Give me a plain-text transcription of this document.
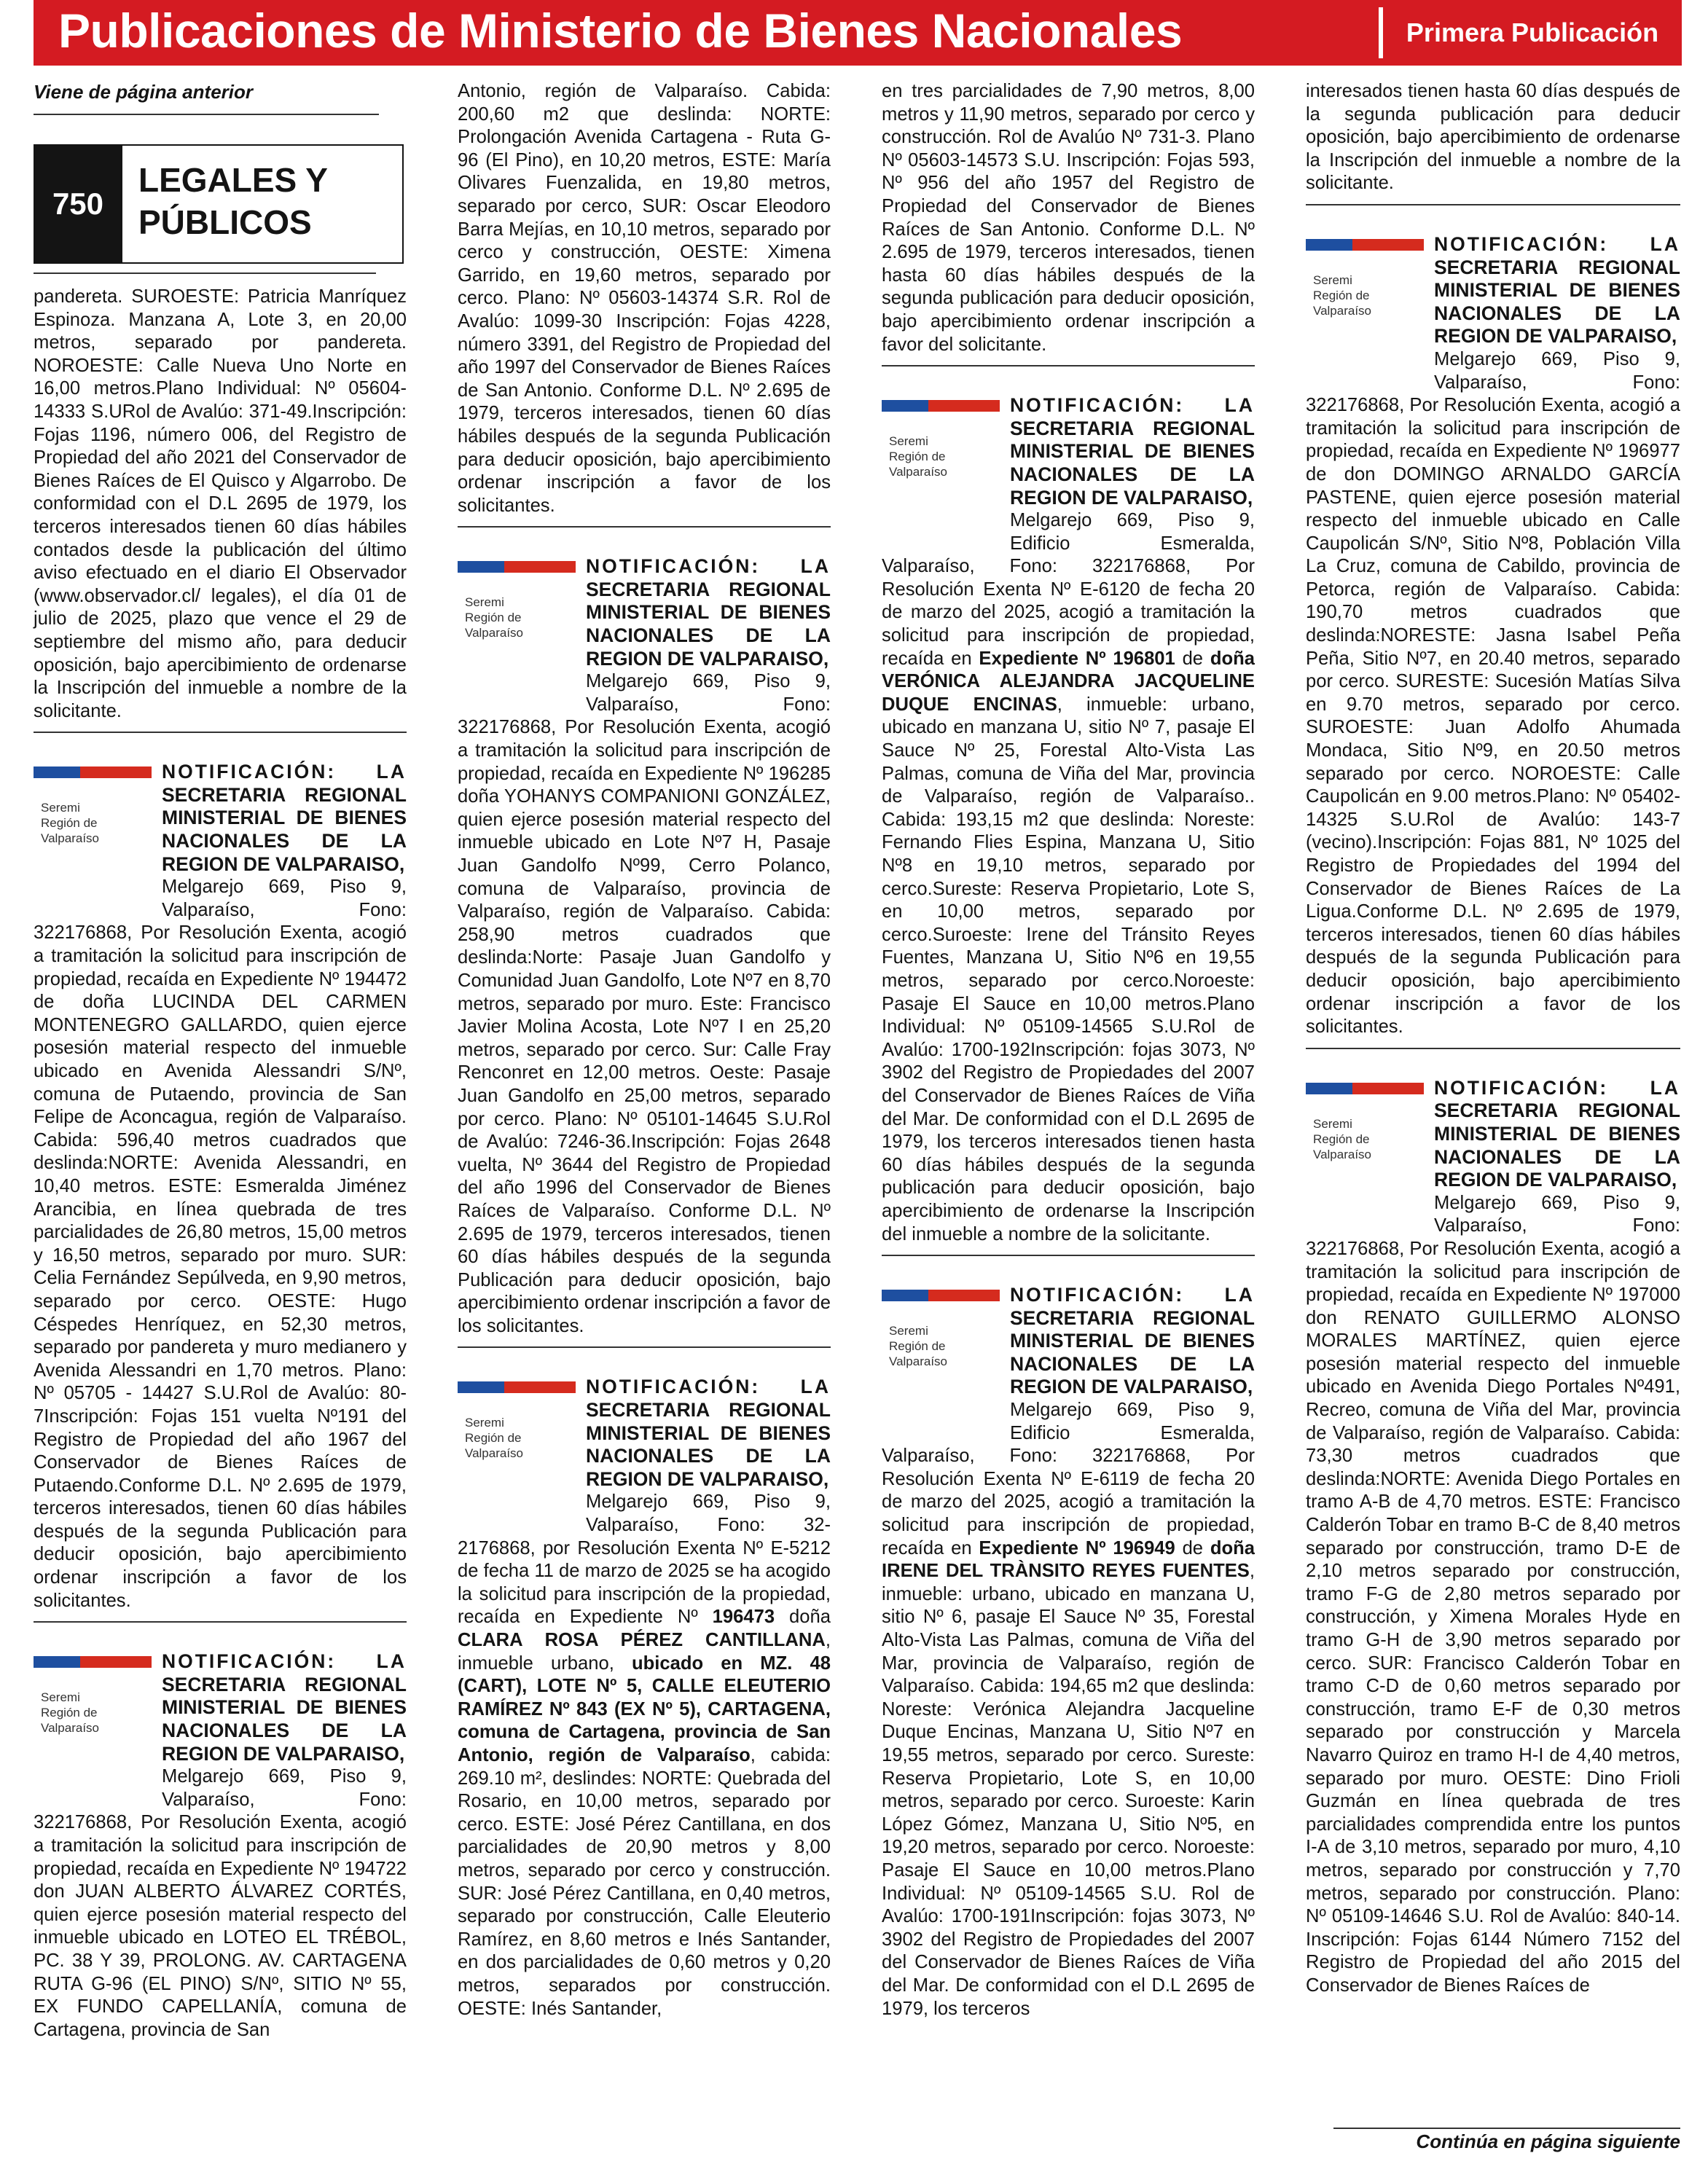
Publicaciones de Ministerio de Bienes Nacionales	Primera Publicación
Viene de página anterior
750
LEGALES Y
PÚBLICOS

pandereta. SUROESTE: Patricia Manríquez Espinoza. Manzana A, Lote 3, en 20,00 metros, separado por pandereta. NOROESTE: Calle Nueva Uno Norte en 16,00 metros.Plano Individual: Nº 05604-14333 S.URol de Avalúo: 371-49.Inscripción: Fojas 1196, número 006, del Registro de Propiedad del año 2021 del Conservador de Bienes Raíces de El Quisco y Algarrobo. De conformidad con el D.L 2695 de 1979, los terceros interesados tienen 60 días hábiles contados desde la publicación del último aviso efectuado en el diario El Observador (www.observador.cl/ legales), el día 01 de julio de 2025, plazo que vence el 29 de septiembre del mismo año, para deducir oposición, bajo apercibimiento de ordenarse la Inscripción del inmueble a nombre de la solicitante.

Seremi
Región de
Valparaíso
NOTIFICACIÓN: LA SECRETARIA REGIONAL MINISTERIAL DE BIENES NACIONALES DE LA REGION DE VALPARAISO,

Melgarejo 669, Piso 9, Valparaíso, Fono: 322176868, Por Resolución Exenta, acogió a tramitación la solicitud para inscripción de propiedad, recaída en Expediente Nº 194472 de doña LUCINDA DEL CARMEN MONTENEGRO GALLARDO, quien ejerce posesión material respecto del inmueble ubicado en Avenida Alessandri S/Nº, comuna de Putaendo, provincia de San Felipe de Aconcagua, región de Valparaíso. Cabida: 596,40 metros cuadrados que deslinda:NORTE: Avenida Alessandri, en 10,40 metros. ESTE: Esmeralda Jiménez Arancibia, en línea quebrada de tres parcialidades de 26,80 metros, 15,00 metros y 16,50 metros, separado por muro. SUR: Celia Fernández Sepúlveda, en 9,90 metros, separado por cerco. OESTE: Hugo Céspedes Henríquez, en 52,30 metros, separado por pandereta y muro medianero y Avenida Alessandri en 1,70 metros. Plano: Nº 05705 - 14427 S.U.Rol de Avalúo: 80-7Inscripción: Fojas 151 vuelta Nº191 del Registro de Propiedad del año 1967 del Conservador de Bienes Raíces de Putaendo.Conforme D.L. Nº 2.695 de 1979, terceros interesados, tienen 60 días hábiles después de la segunda Publicación para deducir oposición, bajo apercibimiento ordenar inscripción a favor de los solicitantes.

Seremi
Región de
Valparaíso
NOTIFICACIÓN: LA SECRETARIA REGIONAL MINISTERIAL DE BIENES NACIONALES DE LA REGION DE VALPARAISO,

Melgarejo 669, Piso 9, Valparaíso, Fono: 322176868, Por Resolución Exenta, acogió a tramitación la solicitud para inscripción de propiedad, recaída en Expediente Nº 194722 don JUAN ALBERTO ÁLVAREZ CORTÉS, quien ejerce posesión material respecto del inmueble ubicado en LOTEO EL TRÉBOL, PC. 38 Y 39, PROLONG. AV. CARTAGENA RUTA G-96 (EL PINO) S/Nº, SITIO Nº 55, EX FUNDO CAPELLANÍA, comuna de Cartagena, provincia de San

Antonio, región de Valparaíso. Cabida: 200,60 m2 que deslinda: NORTE: Prolongación Avenida Cartagena - Ruta G-96 (El Pino), en 10,20 metros, ESTE: María Olivares Fuenzalida, en 19,80 metros, separado por cerco, SUR: Oscar Eleodoro Barra Mejías, en 10,10 metros, separado por cerco y construcción, OESTE: Ximena Garrido, en 19,60 metros, separado por cerco. Plano: Nº 05603-14374 S.R. Rol de Avalúo: 1099-30 Inscripción: Fojas 4228, número 3391, del Registro de Propiedad del año 1997 del Conservador de Bienes Raíces de San Antonio. Conforme D.L. Nº 2.695 de 1979, terceros interesados, tienen 60 días hábiles después de la segunda Publicación para deducir oposición, bajo apercibimiento ordenar inscripción a favor de los solicitantes.

Seremi
Región de
Valparaíso
NOTIFICACIÓN: LA SECRETARIA REGIONAL MINISTERIAL DE BIENES NACIONALES DE LA REGION DE VALPARAISO,

Melgarejo 669, Piso 9, Valparaíso, Fono: 322176868, Por Resolución Exenta, acogió a tramitación la solicitud para inscripción de propiedad, recaída en Expediente Nº 196285 doña YOHANYS COMPANIONI GONZÁLEZ, quien ejerce posesión material respecto del inmueble ubicado en Lote Nº7 H, Pasaje Juan Gandolfo Nº99, Cerro Polanco, comuna de Valparaíso, provincia de Valparaíso, región de Valparaíso. Cabida: 258,90 metros cuadrados que deslinda:Norte: Pasaje Juan Gandolfo y Comunidad Juan Gandolfo, Lote Nº7 en 8,70 metros, separado por muro. Este: Francisco Javier Molina Acosta, Lote Nº7 I en 25,20 metros, separado por cerco. Sur: Calle Fray Renconret en 12,00 metros. Oeste: Pasaje Juan Gandolfo en 25,00 metros, separado por cerco. Plano: Nº 05101-14645 S.U.Rol de Avalúo: 7246-36.Inscripción: Fojas 2648 vuelta, Nº 3644 del Registro de Propiedad del año 1996 del Conservador de Bienes Raíces de Valparaíso. Conforme D.L. Nº 2.695 de 1979, terceros interesados, tienen 60 días hábiles después de la segunda Publicación para deducir oposición, bajo apercibimiento ordenar inscripción a favor de los solicitantes.

Seremi
Región de
Valparaíso
NOTIFICACIÓN: LA SECRETARIA REGIONAL MINISTERIAL DE BIENES NACIONALES DE LA REGION DE VALPARAISO,

Melgarejo 669, Piso 9, Valparaíso, Fono: 32-2176868, por Resolución Exenta Nº E-5212 de fecha 11 de marzo de 2025 se ha acogido la solicitud para inscripción de la propiedad, recaída en Expediente Nº 196473 doña CLARA ROSA PÉREZ CANTILLANA, inmueble urbano, ubicado en MZ. 48 (CART), LOTE Nº 5, CALLE ELEUTERIO RAMÍREZ Nº 843 (EX Nº 5), CARTAGENA, comuna de Cartagena, provincia de San Antonio, región de Valparaíso, cabida: 269.10 m², deslindes: NORTE: Quebrada del Rosario, en 10,00 metros, separado por cerco. ESTE: José Pérez Cantillana, en dos parcialidades de 20,90 metros y 8,00 metros, separado por cerco y construcción. SUR: José Pérez Cantillana, en 0,40 metros, separado por construcción, Calle Eleuterio Ramírez, en 8,60 metros e Inés Santander, en dos parcialidades de 0,60 metros y 0,20 metros, separados por construcción. OESTE: Inés Santander,

en tres parcialidades de 7,90 metros, 8,00 metros y 11,90 metros, separado por cerco y construcción. Rol de Avalúo Nº 731-3. Plano Nº 05603-14573 S.U. Inscripción: Fojas 593, Nº 956 del año 1957 del Registro de Propiedad del Conservador de Bienes Raíces de San Antonio. Conforme D.L. Nº 2.695 de 1979, terceros interesados, tienen hasta 60 días hábiles después de la segunda publicación para deducir oposición, bajo apercibimiento ordenar inscripción a favor del solicitante.

Seremi
Región de
Valparaíso
NOTIFICACIÓN: LA SECRETARIA REGIONAL MINISTERIAL DE BIENES NACIONALES DE LA REGION DE VALPARAISO,

Melgarejo 669, Piso 9, Edificio Esmeralda, Valparaíso, Fono: 322176868, Por Resolución Exenta Nº E-6120 de fecha 20 de marzo del 2025, acogió a tramitación la solicitud para inscripción de propiedad, recaída en Expediente Nº 196801 de doña VERÓNICA ALEJANDRA JACQUELINE DUQUE ENCINAS, inmueble: urbano, ubicado en manzana U, sitio Nº 7, pasaje El Sauce Nº 25, Forestal Alto-Vista Las Palmas, comuna de Viña del Mar, provincia de Valparaíso, región de Valparaíso.. Cabida: 193,15 m2 que deslinda: Noreste: Fernando Flies Espina, Manzana U, Sitio Nº8 en 19,10 metros, separado por cerco.Sureste: Reserva Propietario, Lote S, en 10,00 metros, separado por cerco.Suroeste: Irene del Tránsito Reyes Fuentes, Manzana U, Sitio Nº6 en 19,55 metros, separado por cerco.Noroeste: Pasaje El Sauce en 10,00 metros.Plano Individual: Nº 05109-14565 S.U.Rol de Avalúo: 1700-192Inscripción: fojas 3073, Nº 3902 del Registro de Propiedades del 2007 del Conservador de Bienes Raíces de Viña del Mar. De conformidad con el D.L 2695 de 1979, los terceros interesados tienen hasta 60 días hábiles después de la segunda publicación para deducir oposición, bajo apercibimiento de ordenarse la Inscripción del inmueble a nombre de la solicitante.

Seremi
Región de
Valparaíso
NOTIFICACIÓN: LA SECRETARIA REGIONAL MINISTERIAL DE BIENES NACIONALES DE LA REGION DE VALPARAISO,

Melgarejo 669, Piso 9, Edificio Esmeralda, Valparaíso, Fono: 322176868, Por Resolución Exenta Nº E-6119 de fecha 20 de marzo del 2025, acogió a tramitación la solicitud para inscripción de propiedad, recaída en Expediente Nº 196949 de doña IRENE DEL TRÀNSITO REYES FUENTES, inmueble: urbano, ubicado en manzana U, sitio Nº 6, pasaje El Sauce Nº 35, Forestal Alto-Vista Las Palmas, comuna de Viña del Mar, provincia de Valparaíso, región de Valparaíso. Cabida: 194,65 m2 que deslinda: Noreste: Verónica Alejandra Jacqueline Duque Encinas, Manzana U, Sitio Nº7 en 19,55 metros, separado por cerco. Sureste: Reserva Propietario, Lote S, en 10,00 metros, separado por cerco. Suroeste: Karin López Gómez, Manzana U, Sitio Nº5, en 19,20 metros, separado por cerco. Noroeste: Pasaje El Sauce en 10,00 metros.Plano Individual: Nº 05109-14565 S.U. Rol de Avalúo: 1700-191Inscripción: fojas 3073, Nº 3902 del Registro de Propiedades del 2007 del Conservador de Bienes Raíces de Viña del Mar. De conformidad con el D.L 2695 de 1979, los terceros

interesados tienen hasta 60 días después de la segunda publicación para deducir oposición, bajo apercibimiento de ordenarse la Inscripción del inmueble a nombre de la solicitante.

Seremi
Región de
Valparaíso
NOTIFICACIÓN: LA SECRETARIA REGIONAL MINISTERIAL DE BIENES NACIONALES DE LA REGION DE VALPARAISO,

Melgarejo 669, Piso 9, Valparaíso, Fono: 322176868, Por Resolución Exenta, acogió a tramitación la solicitud para inscripción de propiedad, recaída en Expediente Nº 196977 de don DOMINGO ARNALDO GARCÍA PASTENE, quien ejerce posesión material respecto del inmueble ubicado en Calle Caupolicán S/Nº, Sitio Nº8, Población Villa La Cruz, comuna de Cabildo, provincia de Petorca, región de Valparaíso. Cabida: 190,70 metros cuadrados que deslinda:NORESTE: Jasna Isabel Peña Peña, Sitio Nº7, en 20.40 metros, separado por cerco. SURESTE: Sucesión Matías Silva en 9.70 metros, separado por cerco. SUROESTE: Juan Adolfo Ahumada Mondaca, Sitio Nº9, en 20.50 metros separado por cerco. NOROESTE: Calle Caupolicán en 9.00 metros.Plano: Nº 05402-14325 S.U.Rol de Avalúo: 143-7 (vecino).Inscripción: Fojas 881, Nº 1025 del Registro de Propiedades del 1994 del Conservador de Bienes Raíces de La Ligua.Conforme D.L. Nº 2.695 de 1979, terceros interesados, tienen 60 días hábiles después de la segunda Publicación para deducir oposición, bajo apercibimiento ordenar inscripción a favor de los solicitantes.

Seremi
Región de
Valparaíso
NOTIFICACIÓN: LA SECRETARIA REGIONAL MINISTERIAL DE BIENES NACIONALES DE LA REGION DE VALPARAISO,

Melgarejo 669, Piso 9, Valparaíso, Fono: 322176868, Por Resolución Exenta, acogió a tramitación la solicitud para inscripción de propiedad, recaída en Expediente Nº 197000 don RENATO GUILLERMO ALONSO MORALES MARTÍNEZ, quien ejerce posesión material respecto del inmueble ubicado en Avenida Diego Portales Nº491, Recreo, comuna de Viña del Mar, provincia de Valparaíso, región de Valparaíso. Cabida: 73,30 metros cuadrados que deslinda:NORTE: Avenida Diego Portales en tramo A-B de 4,70 metros. ESTE: Francisco Calderón Tobar en tramo B-C de 8,40 metros separado por construcción, tramo D-E de 2,10 metros separado por construcción, tramo F-G de 2,80 metros separado por construcción, y Ximena Morales Hyde en tramo G-H de 3,90 metros separado por cerco. SUR: Francisco Calderón Tobar en tramo C-D de 0,60 metros separado por construcción, tramo E-F de 0,30 metros separado por construcción y Marcela Navarro Quiroz en tramo H-I de 4,40 metros, separado por muro. OESTE: Dino Frioli Guzmán en línea quebrada de tres parcialidades comprendida entre los puntos I-A de 3,10 metros, separado por muro, 4,10 metros, separado por construcción y 7,70 metros, separado por construcción. Plano: Nº 05109-14646 S.U. Rol de Avalúo: 840-14. Inscripción: Fojas 6144 Número 7152 del Registro de Propiedad del año 2015 del Conservador de Bienes Raíces de

Continúa en página siguiente
